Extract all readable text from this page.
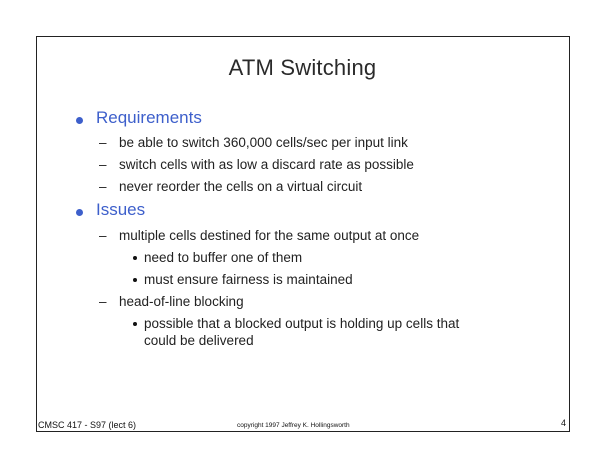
ATM Switching
Requirements
– be able to switch 360,000 cells/sec per input link
– switch cells with as low a discard rate as possible
– never reorder the cells on a virtual circuit
Issues
– multiple cells destined for the same output at once
need to buffer one of them
must ensure fairness is maintained
– head-of-line blocking
possible that a blocked output is holding up cells that
could be delivered
CMSC 417 - S97 (lect 6)	copyright 1997 Jeffrey K. Hollingsworth	4
